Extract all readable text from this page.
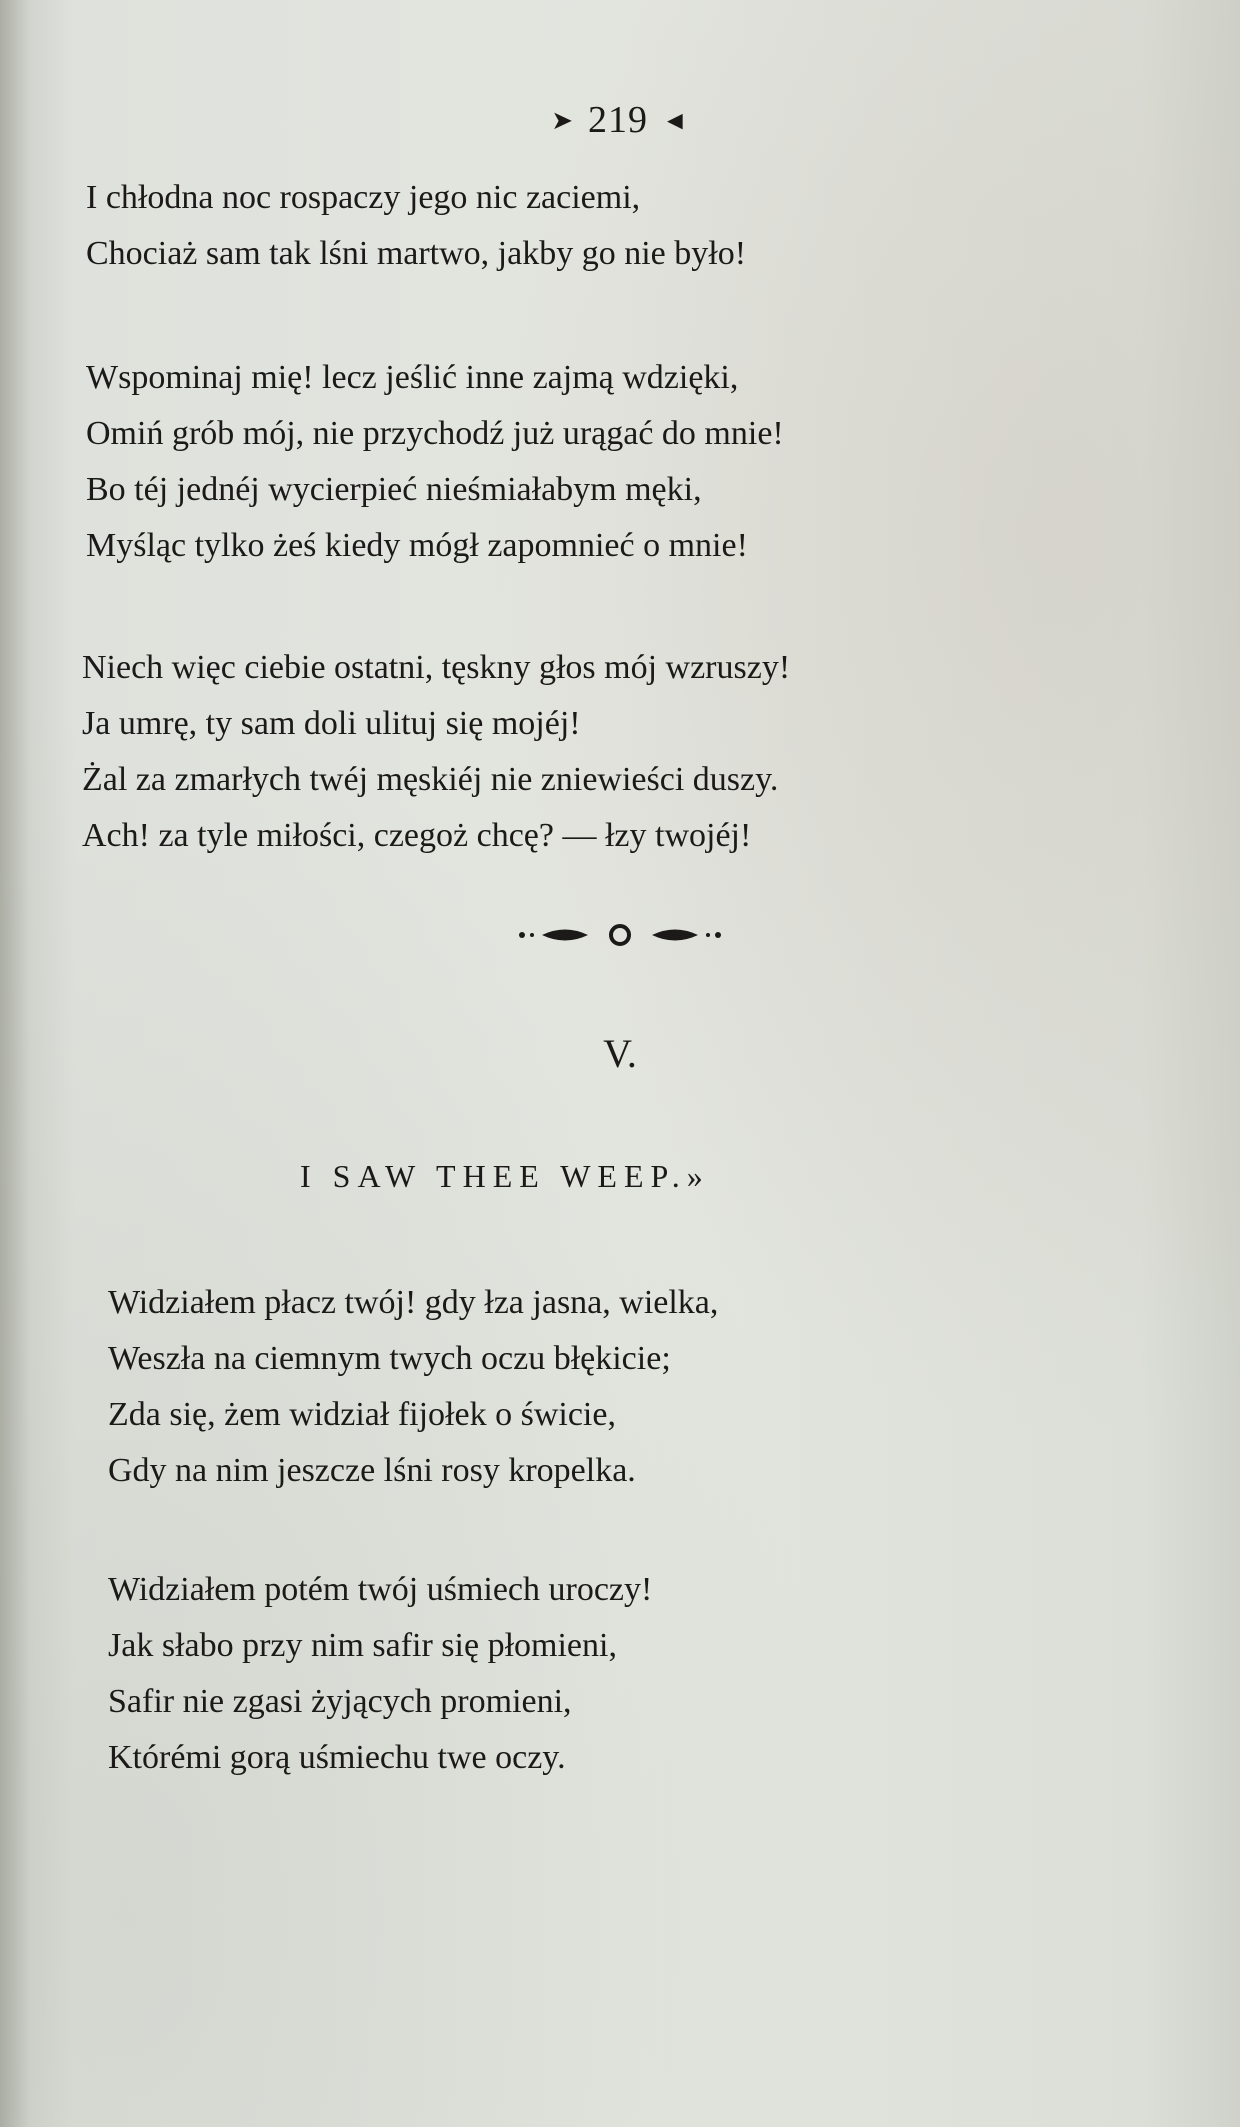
➤ 219 ◄
I chłodna noc rospaczy jego nic zaciemi,
Chociaż sam tak lśni martwo, jakby go nie było!
Wspominaj mię! lecz jeślić inne zajmą wdzięki,
Omiń grób mój, nie przychodź już urągać do mnie!
Bo téj jednéj wycierpieć nieśmiałabym męki,
Myśląc tylko żeś kiedy mógł zapomnieć o mnie!
Niech więc ciebie ostatni, tęskny głos mój wzruszy!
Ja umrę, ty sam doli ulituj się mojéj!
Żal za zmarłych twéj męskiéj nie zniewieści duszy.
Ach! za tyle miłości, czegoż chcę? — łzy twojéj!
V.
I SAW THEE WEEP.»
Widziałem płacz twój! gdy łza jasna, wielka,
Weszła na ciemnym twych oczu błękicie;
Zda się, żem widział fijołek o świcie,
Gdy na nim jeszcze lśni rosy kropelka.
Widziałem potém twój uśmiech uroczy!
Jak słabo przy nim safir się płomieni,
Safir nie zgasi żyjących promieni,
Którémi gorą uśmiechu twe oczy.
